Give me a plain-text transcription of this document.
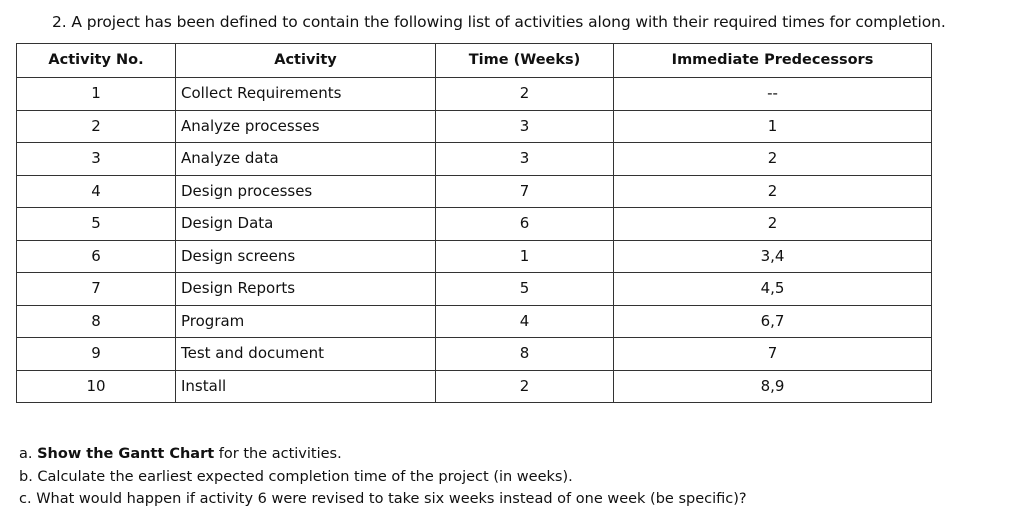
2. A project has been defined to contain the following list of activities along with their required times for completion.
Activity No.	Activity	Time (Weeks)	Immediate Predecessors
1	Collect Requirements	2	--
2	Analyze processes	3	1
3	Analyze data	3	2
4	Design processes	7	2
5	Design Data	6	2
6	Design screens	1	3,4
7	Design Reports	5	4,5
8	Program	4	6,7
9	Test and document	8	7
10	Install	2	8,9
a. Show the Gantt Chart for the activities.
b. Calculate the earliest expected completion time of the project (in weeks).
c. What would happen if activity 6 were revised to take six weeks instead of one week (be specific)?
